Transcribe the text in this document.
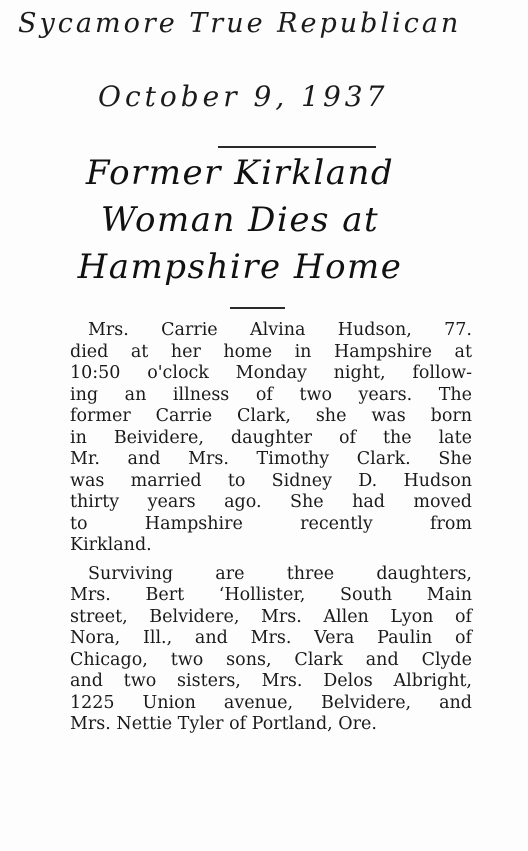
Sycamore True Republican
October 9, 1937
Former Kirkland
Woman Dies at
Hampshire Home
Mrs. Carrie Alvina Hudson, 77.
died at her home in Hampshire at
10:50 o'clock Monday night, follow-
ing an illness of two years. The
former Carrie Clark, she was born
in Beividere, daughter of the late
Mr. and Mrs. Timothy Clark. She
was married to Sidney D. Hudson
thirty years ago. She had moved
to Hampshire recently from
Kirkland.
Surviving are three daughters,
Mrs. Bert ‘Hollister, South Main
street, Belvidere, Mrs. Allen Lyon of
Nora, Ill., and Mrs. Vera Paulin of
Chicago, two sons, Clark and Clyde
and two sisters, Mrs. Delos Albright,
1225 Union avenue, Belvidere, and
Mrs. Nettie Tyler of Portland, Ore.
